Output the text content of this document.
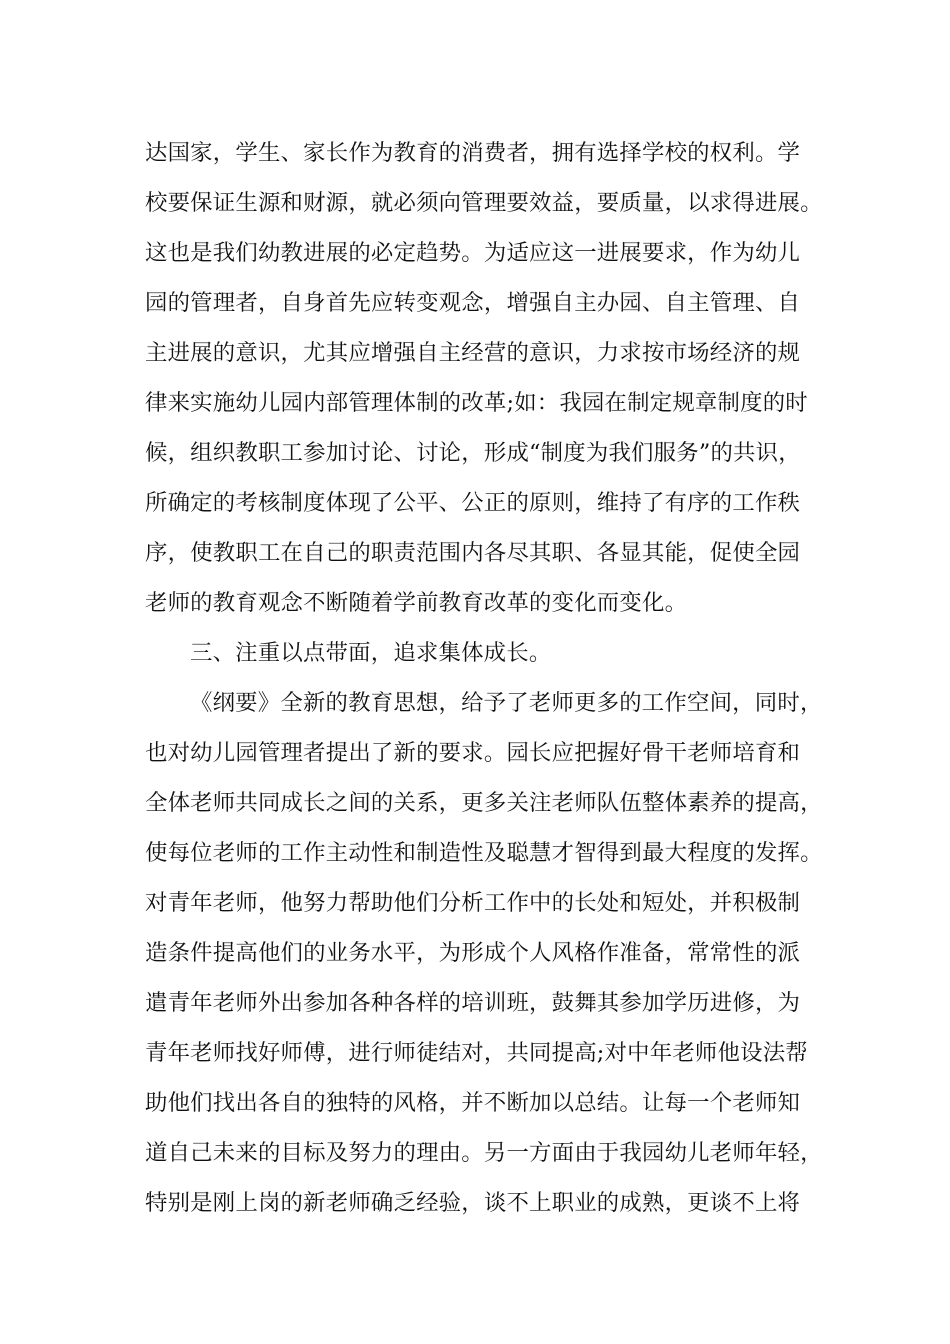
达国家，学生、家长作为教育的消费者，拥有选择学校的权利。学
校要保证生源和财源，就必须向管理要效益，要质量，以求得进展。
这也是我们幼教进展的必定趋势。为适应这一进展要求，作为幼儿
园的管理者，自身首先应转变观念，增强自主办园、自主管理、自
主进展的意识，尤其应增强自主经营的意识，力求按市场经济的规
律来实施幼儿园内部管理体制的改革;如：我园在制定规章制度的时
候，组织教职工参加讨论、讨论，形成“制度为我们服务”的共识，
所确定的考核制度体现了公平、公正的原则，维持了有序的工作秩
序，使教职工在自己的职责范围内各尽其职、各显其能，促使全园
老师的教育观念不断随着学前教育改革的变化而变化。
三、注重以点带面，追求集体成长。
《纲要》全新的教育思想，给予了老师更多的工作空间，同时，
也对幼儿园管理者提出了新的要求。园长应把握好骨干老师培育和
全体老师共同成长之间的关系，更多关注老师队伍整体素养的提高，
使每位老师的工作主动性和制造性及聪慧才智得到最大程度的发挥。
对青年老师，他努力帮助他们分析工作中的长处和短处，并积极制
造条件提高他们的业务水平，为形成个人风格作准备，常常性的派
遣青年老师外出参加各种各样的培训班，鼓舞其参加学历进修，为
青年老师找好师傅，进行师徒结对，共同提高;对中年老师他设法帮
助他们找出各自的独特的风格，并不断加以总结。让每一个老师知
道自己未来的目标及努力的理由。另一方面由于我园幼儿老师年轻，
特别是刚上岗的新老师确乏经验，谈不上职业的成熟，更谈不上将
